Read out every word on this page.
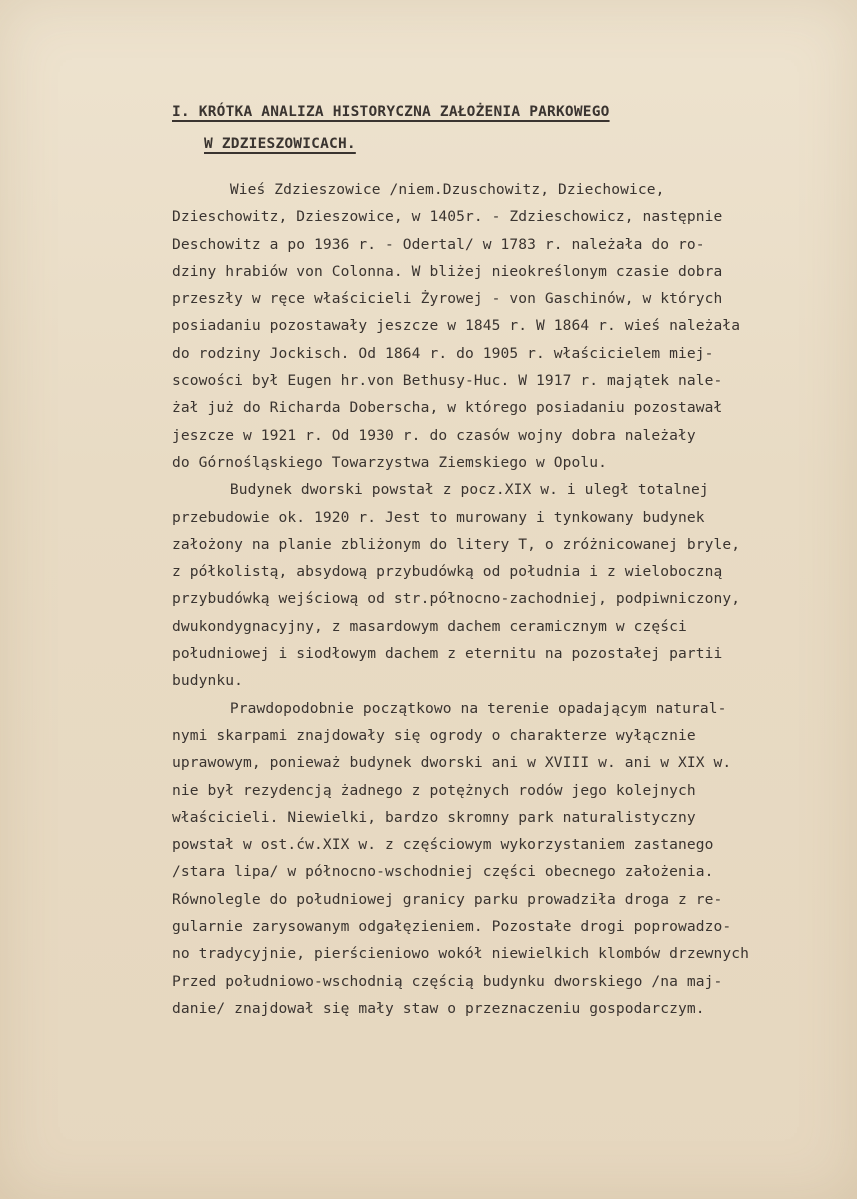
I. KRÓTKA ANALIZA HISTORYCZNA ZAŁOŻENIA PARKOWEGO
W ZDZIESZOWICACH.
Wieś Zdzieszowice /niem.Dzuschowitz, Dziechowice,
Dzieschowitz, Dzieszowice, w 1405r. - Zdzieschowicz, następnie
Deschowitz a po 1936 r. - Odertal/ w 1783 r. należała do ro-
dziny hrabiów von Colonna. W bliżej nieokreślonym czasie dobra
przeszły w ręce właścicieli Żyrowej - von Gaschinów, w których
posiadaniu pozostawały jeszcze w 1845 r. W 1864 r. wieś należała
do rodziny Jockisch. Od 1864 r. do 1905 r. właścicielem miej-
scowości był Eugen hr.von Bethusy-Huc. W 1917 r. majątek nale-
żał już do Richarda Doberscha, w którego posiadaniu pozostawał
jeszcze w 1921 r. Od 1930 r. do czasów wojny dobra należały
do Górnośląskiego Towarzystwa Ziemskiego w Opolu.
Budynek dworski powstał z pocz.XIX w. i uległ totalnej
przebudowie ok. 1920 r. Jest to murowany i tynkowany budynek
założony na planie zbliżonym do litery T, o zróżnicowanej bryle,
z półkolistą, absydową przybudówką od południa i z wieloboczną
przybudówką wejściową od str.północno-zachodniej, podpiwniczony,
dwukondygnacyjny, z masardowym dachem ceramicznym w części
południowej i siodłowym dachem z eternitu na pozostałej partii
budynku.
Prawdopodobnie początkowo na terenie opadającym natural-
nymi skarpami znajdowały się ogrody o charakterze wyłącznie
uprawowym, ponieważ budynek dworski ani w XVIII w. ani w XIX w.
nie był rezydencją żadnego z potężnych rodów jego kolejnych
właścicieli. Niewielki, bardzo skromny park naturalistyczny
powstał w ost.ćw.XIX w. z częściowym wykorzystaniem zastanego
/stara lipa/ w północno-wschodniej części obecnego założenia.
Równolegle do południowej granicy parku prowadziła droga z re-
gularnie zarysowanym odgałęzieniem. Pozostałe drogi poprowadzo-
no tradycyjnie, pierścieniowo wokół niewielkich klombów drzewnych
Przed południowo-wschodnią częścią budynku dworskiego /na maj-
danie/ znajdował się mały staw o przeznaczeniu gospodarczym.
